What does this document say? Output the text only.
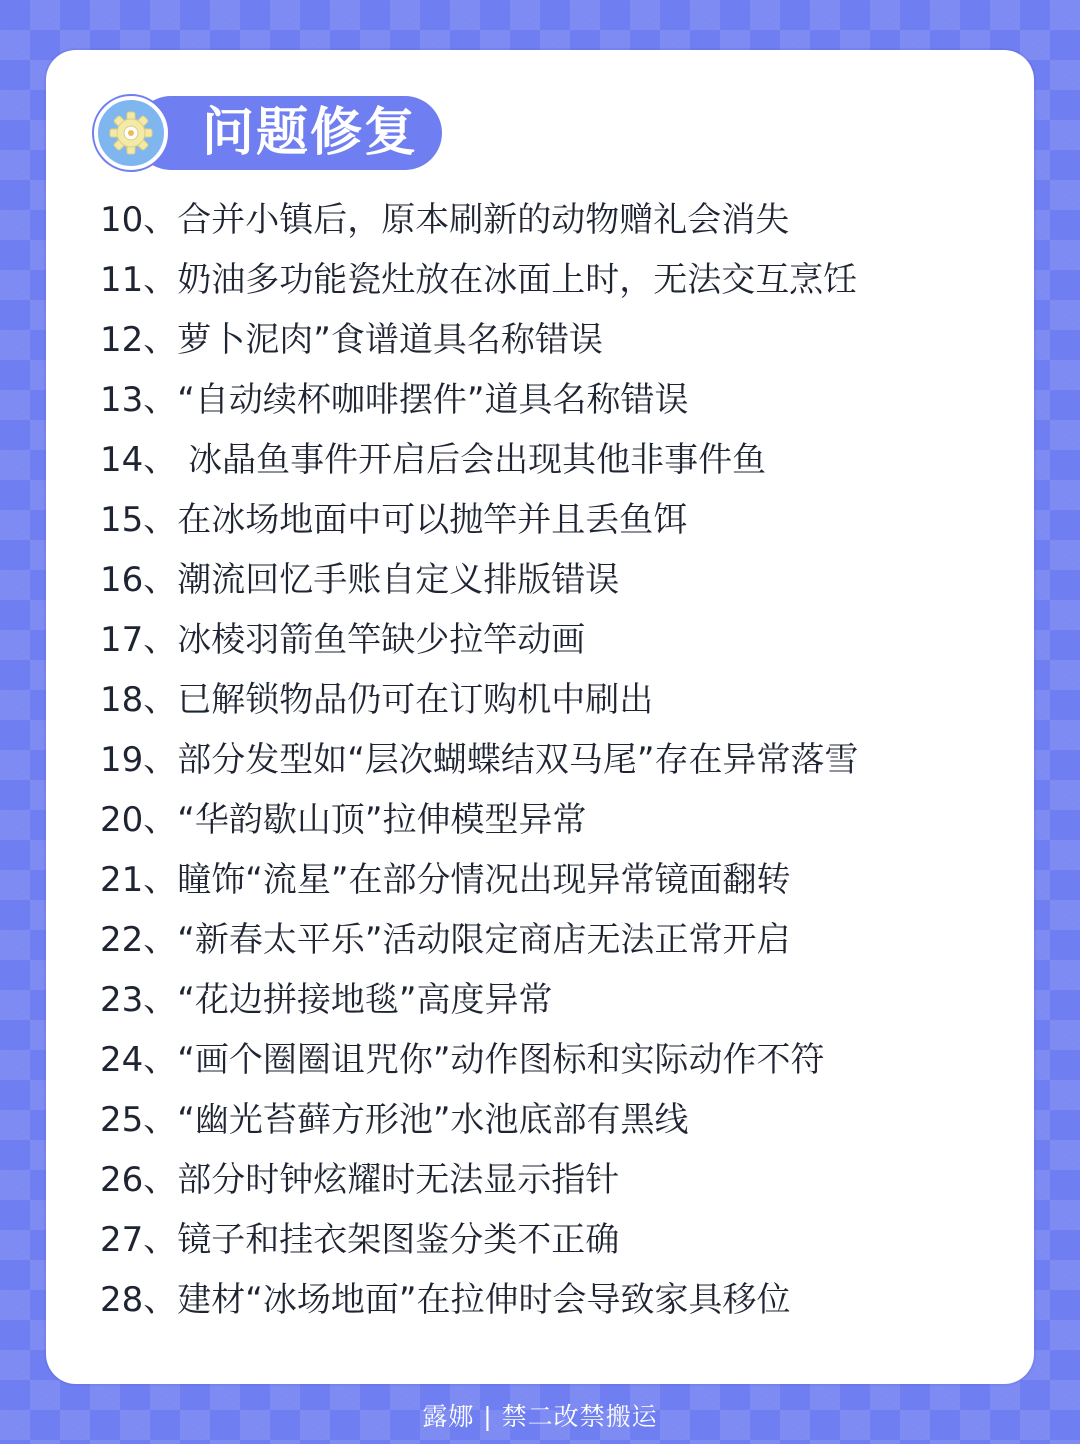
问题修复
10、合并小镇后，原本刷新的动物赠礼会消失
11、奶油多功能瓷灶放在冰面上时，无法交互烹饪
12、萝卜泥肉”食谱道具名称错误
13、“自动续杯咖啡摆件”道具名称错误
14、 冰晶鱼事件开启后会出现其他非事件鱼
15、在冰场地面中可以抛竿并且丢鱼饵
16、潮流回忆手账自定义排版错误
17、冰棱羽箭鱼竿缺少拉竿动画
18、已解锁物品仍可在订购机中刷出
19、部分发型如“层次蝴蝶结双马尾”存在异常落雪
20、“华韵歇山顶”拉伸模型异常
21、瞳饰“流星”在部分情况出现异常镜面翻转
22、“新春太平乐”活动限定商店无法正常开启
23、“花边拼接地毯”高度异常
24、“画个圈圈诅咒你”动作图标和实际动作不符
25、“幽光苔藓方形池”水池底部有黑线
26、部分时钟炫耀时无法显示指针
27、镜子和挂衣架图鉴分类不正确
28、建材“冰场地面”在拉伸时会导致家具移位
露娜 | 禁二改禁搬运
